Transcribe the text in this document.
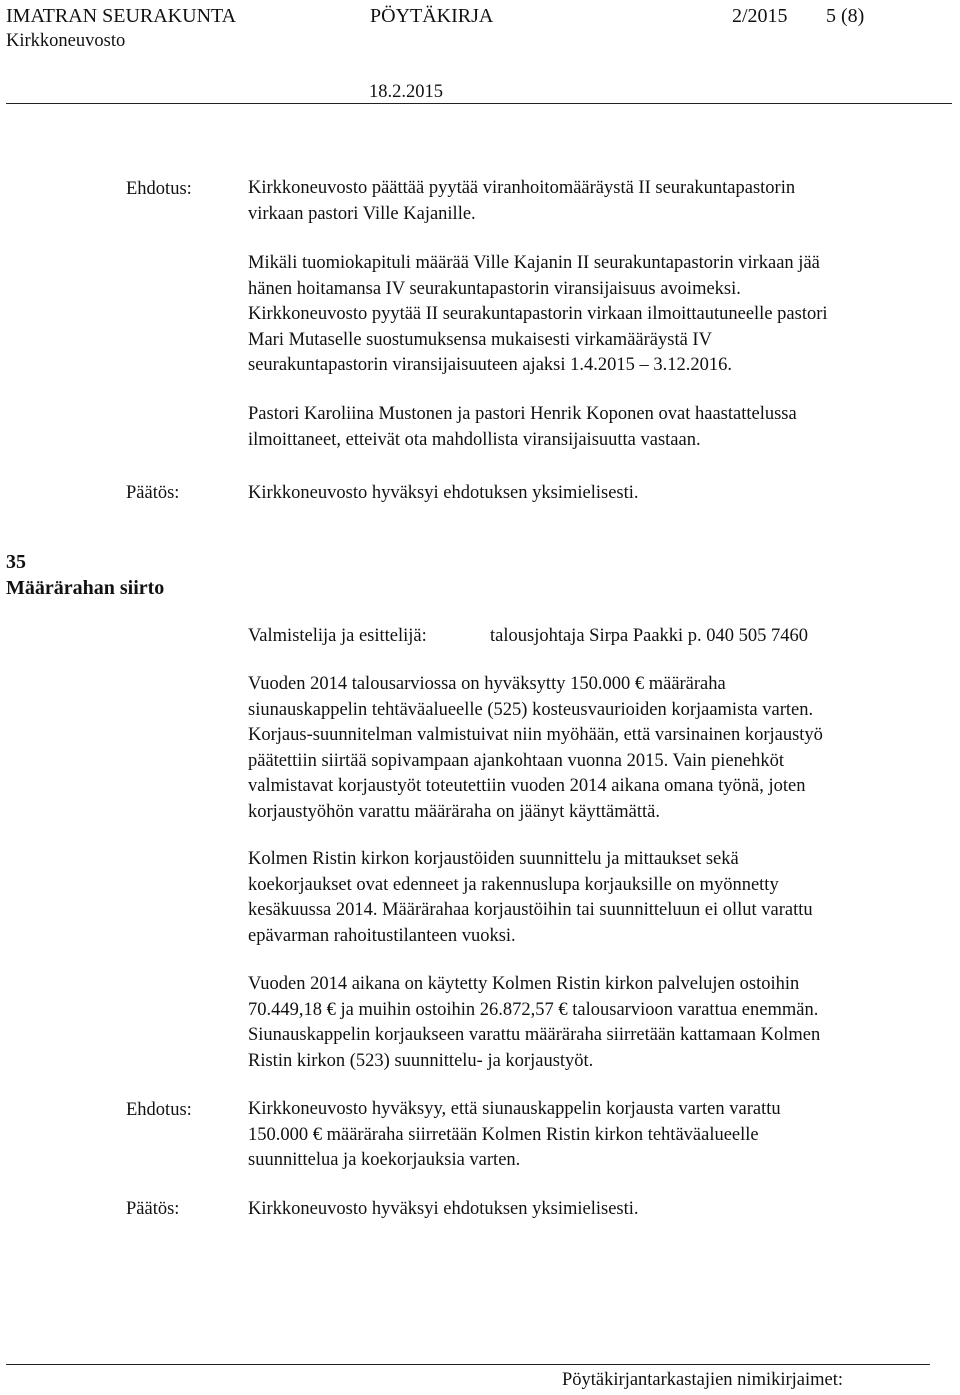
IMATRAN SEURAKUNTA	PÖYTÄKIRJA	2/2015 5 (8)
Kirkkoneuvosto
18.2.2015
Ehdotus:	Kirkkoneuvosto päättää pyytää viranhoitomääräystä II seurakuntapastorin
virkaan pastori Ville Kajanille.
Mikäli tuomiokapituli määrää Ville Kajanin II seurakuntapastorin virkaan jää
hänen hoitamansa IV seurakuntapastorin viransijaisuus avoimeksi.
Kirkkoneuvosto pyytää II seurakuntapastorin virkaan ilmoittautuneelle pastori
Mari Mutaselle suostumuksensa mukaisesti virkamääräystä IV
seurakuntapastorin viransijaisuuteen ajaksi 1.4.2015 – 3.12.2016.
Pastori Karoliina Mustonen ja pastori Henrik Koponen ovat haastattelussa
ilmoittaneet, etteivät ota mahdollista viransijaisuutta vastaan.
Päätös:	Kirkkoneuvosto hyväksyi ehdotuksen yksimielisesti.
35
Määrärahan siirto
Valmistelija ja esittelijä:	talousjohtaja Sirpa Paakki p. 040 505 7460
Vuoden 2014 talousarviossa on hyväksytty 150.000 € määräraha
siunauskappelin tehtäväalueelle (525) kosteusvaurioiden korjaamista varten.
Korjaus-suunnitelman valmistuivat niin myöhään, että varsinainen korjaustyö
päätettiin siirtää sopivampaan ajankohtaan vuonna 2015. Vain pienehköt
valmistavat korjaustyöt toteutettiin vuoden 2014 aikana omana työnä, joten
korjaustyöhön varattu määräraha on jäänyt käyttämättä.
Kolmen Ristin kirkon korjaustöiden suunnittelu ja mittaukset sekä
koekorjaukset ovat edenneet ja rakennuslupa korjauksille on myönnetty
kesäkuussa 2014. Määrärahaa korjaustöihin tai suunnitteluun ei ollut varattu
epävarman rahoitustilanteen vuoksi.
Vuoden 2014 aikana on käytetty Kolmen Ristin kirkon palvelujen ostoihin
70.449,18 € ja muihin ostoihin 26.872,57 € talousarvioon varattua enemmän.
Siunauskappelin korjaukseen varattu määräraha siirretään kattamaan Kolmen
Ristin kirkon (523) suunnittelu- ja korjaustyöt.
Ehdotus:	Kirkkoneuvosto hyväksyy, että siunauskappelin korjausta varten varattu
150.000 € määräraha siirretään Kolmen Ristin kirkon tehtäväalueelle
suunnittelua ja koekorjauksia varten.
Päätös:	Kirkkoneuvosto hyväksyi ehdotuksen yksimielisesti.
Pöytäkirjantarkastajien nimikirjaimet:
